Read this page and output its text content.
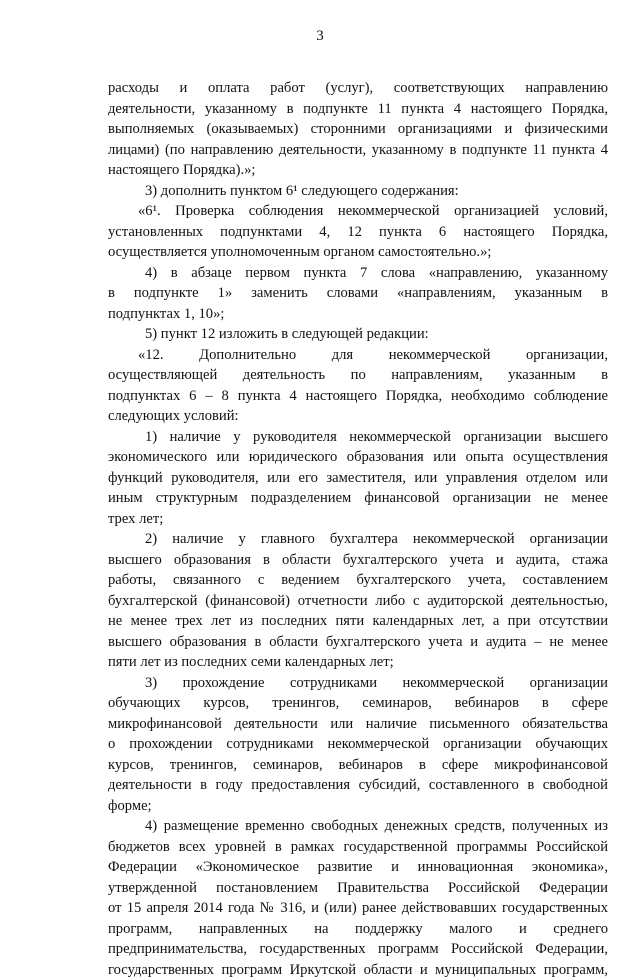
3
расходы и оплата работ (услуг), соответствующих направлению
деятельности, указанному в подпункте 11 пункта 4 настоящего Порядка,
выполняемых (оказываемых) сторонними организациями и физическими
лицами) (по направлению деятельности, указанному в подпункте 11 пункта 4
настоящего Порядка).»;
3) дополнить пунктом 6¹ следующего содержания:
«6¹. Проверка соблюдения некоммерческой организацией условий,
установленных подпунктами 4, 12 пункта 6 настоящего Порядка,
осуществляется уполномоченным органом самостоятельно.»;
4) в абзаце первом пункта 7 слова «направлению, указанному
в подпункте 1» заменить словами «направлениям, указанным в
подпунктах 1, 10»;
5) пункт 12 изложить в следующей редакции:
«12. Дополнительно для некоммерческой организации,
осуществляющей деятельность по направлениям, указанным в
подпунктах 6 – 8 пункта 4 настоящего Порядка, необходимо соблюдение
следующих условий:
1) наличие у руководителя некоммерческой организации высшего
экономического или юридического образования или опыта осуществления
функций руководителя, или его заместителя, или управления отделом или
иным структурным подразделением финансовой организации не менее
трех лет;
2) наличие у главного бухгалтера некоммерческой организации
высшего образования в области бухгалтерского учета и аудита, стажа
работы, связанного с ведением бухгалтерского учета, составлением
бухгалтерской (финансовой) отчетности либо с аудиторской деятельностью,
не менее трех лет из последних пяти календарных лет, а при отсутствии
высшего образования в области бухгалтерского учета и аудита – не менее
пяти лет из последних семи календарных лет;
3) прохождение сотрудниками некоммерческой организации
обучающих курсов, тренингов, семинаров, вебинаров в сфере
микрофинансовой деятельности или наличие письменного обязательства
о прохождении сотрудниками некоммерческой организации обучающих
курсов, тренингов, семинаров, вебинаров в сфере микрофинансовой
деятельности в году предоставления субсидий, составленного в свободной
форме;
4) размещение временно свободных денежных средств, полученных из
бюджетов всех уровней в рамках государственной программы Российской
Федерации «Экономическое развитие и инновационная экономика»,
утвержденной постановлением Правительства Российской Федерации
от 15 апреля 2014 года № 316, и (или) ранее действовавших государственных
программ, направленных на поддержку малого и среднего
предпринимательства, государственных программ Российской Федерации,
государственных программ Иркутской области и муниципальных программ,
